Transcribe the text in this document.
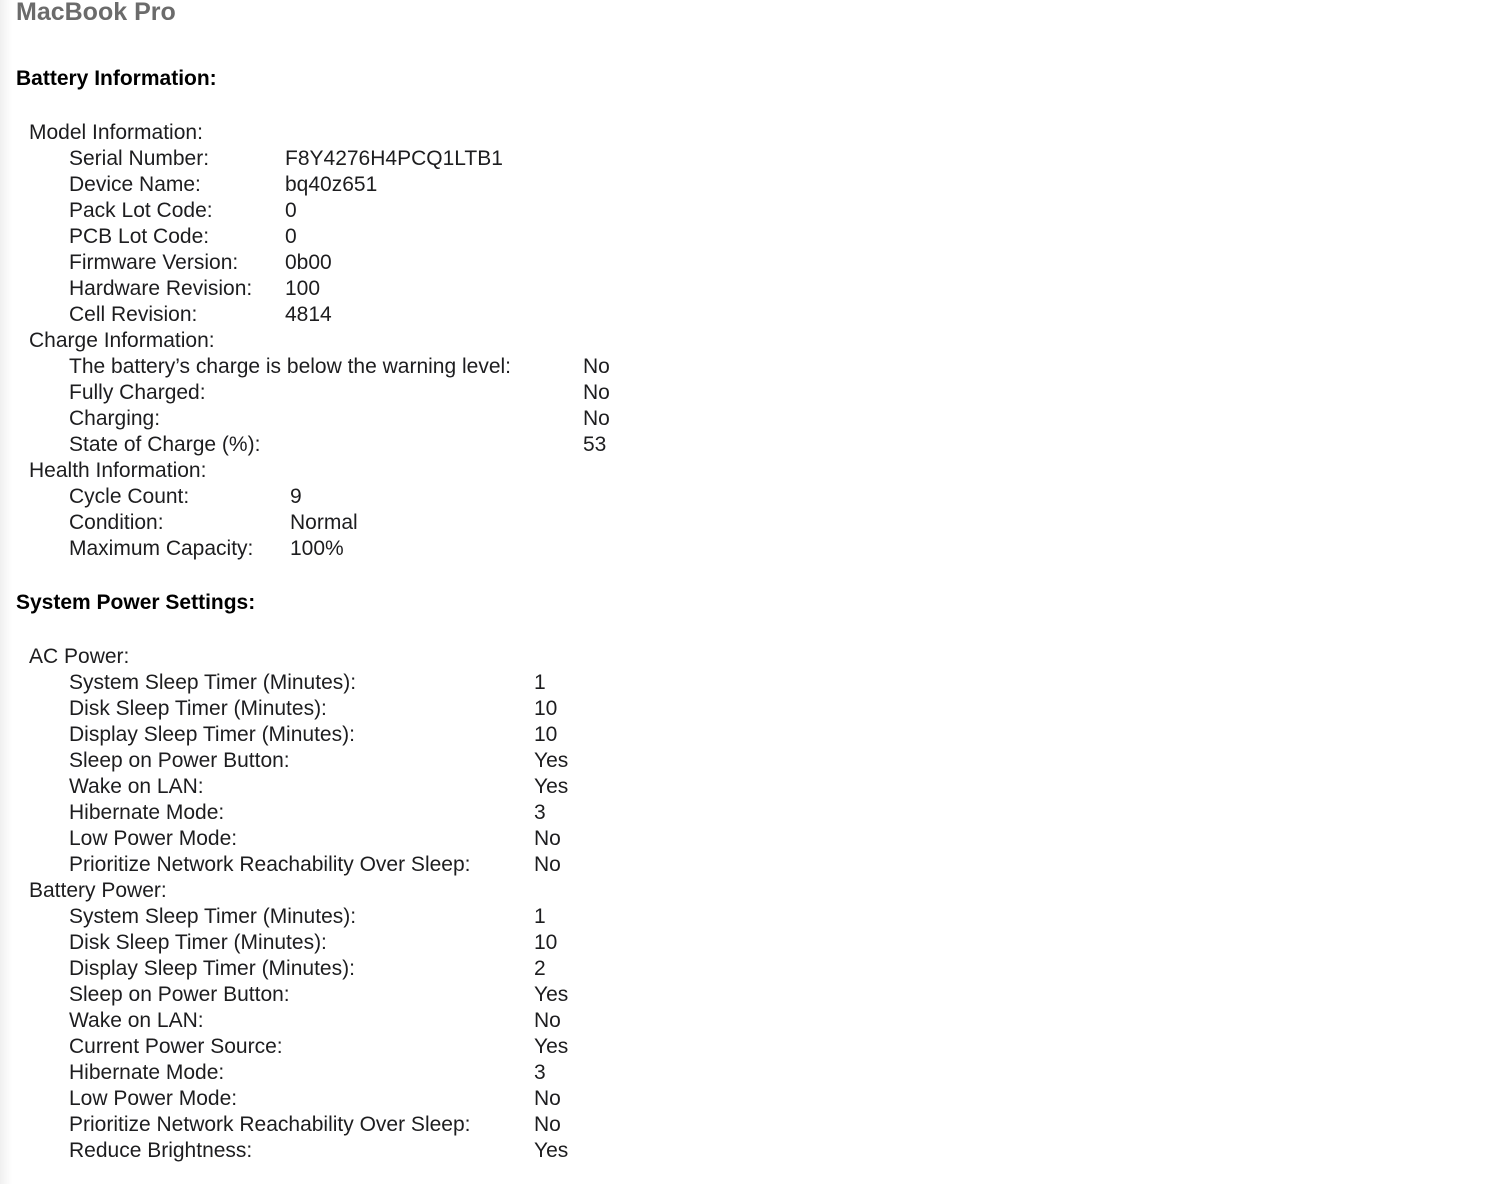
MacBook Pro
Battery Information:
Model Information:
Serial Number:	F8Y4276H4PCQ1LTB1
Device Name:	bq40z651
Pack Lot Code:	0
PCB Lot Code:	0
Firmware Version: 0b00
Hardware Revision: 100
Cell Revision:	4814
Charge Information:
The battery’s charge is below the warning level:	No
Fully Charged:	No
Charging:	No
State of Charge (%):	53
Health Information:
Cycle Count:	9
Condition:	Normal
Maximum Capacity: 100%
System Power Settings:
AC Power:
System Sleep Timer (Minutes):	1
Disk Sleep Timer (Minutes):	10
Display Sleep Timer (Minutes):	10
Sleep on Power Button:	Yes
Wake on LAN:	Yes
Hibernate Mode:	3
Low Power Mode:	No
Prioritize Network Reachability Over Sleep:	No
Battery Power:
System Sleep Timer (Minutes):	1
Disk Sleep Timer (Minutes):	10
Display Sleep Timer (Minutes):	2
Sleep on Power Button:	Yes
Wake on LAN:	No
Current Power Source:	Yes
Hibernate Mode:	3
Low Power Mode:	No
Prioritize Network Reachability Over Sleep:	No
Reduce Brightness:	Yes
